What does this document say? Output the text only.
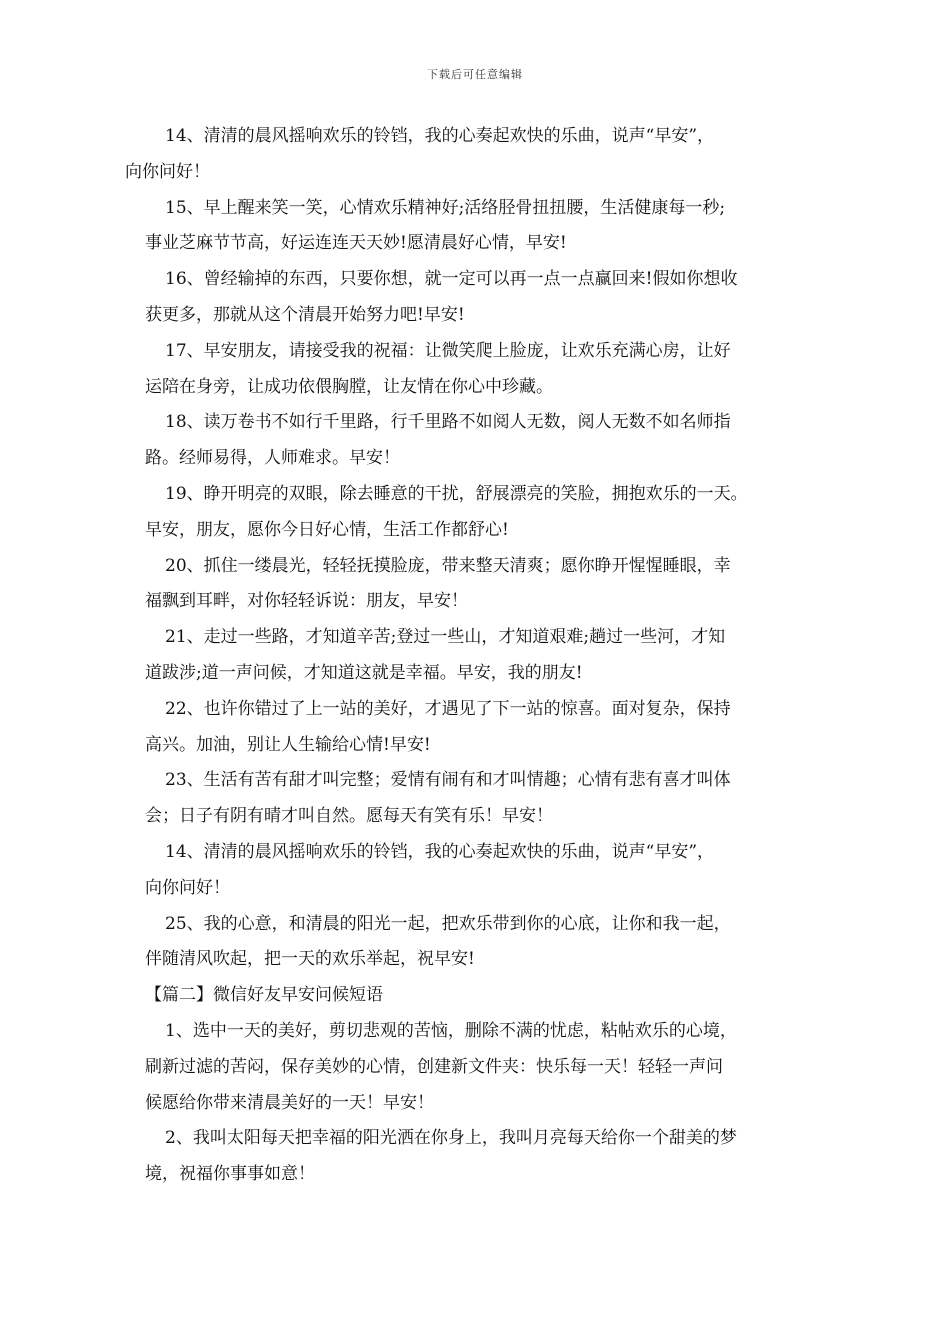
下载后可任意编辑

14、清清的晨风摇响欢乐的铃铛，我的心奏起欢快的乐曲，说声“早安”，
向你问好！

15、早上醒来笑一笑，心情欢乐精神好;活络胫骨扭扭腰，生活健康每一秒;
事业芝麻节节高，好运连连天天妙!愿清晨好心情，早安!

16、曾经输掉的东西，只要你想，就一定可以再一点一点赢回来!假如你想收
获更多，那就从这个清晨开始努力吧!早安!

17、早安朋友，请接受我的祝福：让微笑爬上脸庞，让欢乐充满心房，让好
运陪在身旁，让成功依偎胸膛，让友情在你心中珍藏。

18、读万卷书不如行千里路，行千里路不如阅人无数，阅人无数不如名师指
路。经师易得，人师难求。早安！

19、睁开明亮的双眼，除去睡意的干扰，舒展漂亮的笑脸，拥抱欢乐的一天。
早安，朋友，愿你今日好心情，生活工作都舒心!

20、抓住一缕晨光，轻轻抚摸脸庞，带来整天清爽；愿你睁开惺惺睡眼，幸
福飘到耳畔，对你轻轻诉说：朋友，早安！

21、走过一些路，才知道辛苦;登过一些山，才知道艰难;趟过一些河，才知
道跋涉;道一声问候，才知道这就是幸福。早安，我的朋友!

22、也许你错过了上一站的美好，才遇见了下一站的惊喜。面对复杂，保持
高兴。加油，别让人生输给心情!早安!

23、生活有苦有甜才叫完整；爱情有闹有和才叫情趣；心情有悲有喜才叫体
会；日子有阴有晴才叫自然。愿每天有笑有乐！早安！

14、清清的晨风摇响欢乐的铃铛，我的心奏起欢快的乐曲，说声“早安”，
向你问好！

25、我的心意，和清晨的阳光一起，把欢乐带到你的心底，让你和我一起，
伴随清风吹起，把一天的欢乐举起，祝早安!

【篇二】微信好友早安问候短语

1、选中一天的美好，剪切悲观的苦恼，删除不满的忧虑，粘帖欢乐的心境，
刷新过滤的苦闷，保存美妙的心情，创建新文件夹：快乐每一天！轻轻一声问
候愿给你带来清晨美好的一天！早安！

2、我叫太阳每天把幸福的阳光洒在你身上，我叫月亮每天给你一个甜美的梦
境，祝福你事事如意！
